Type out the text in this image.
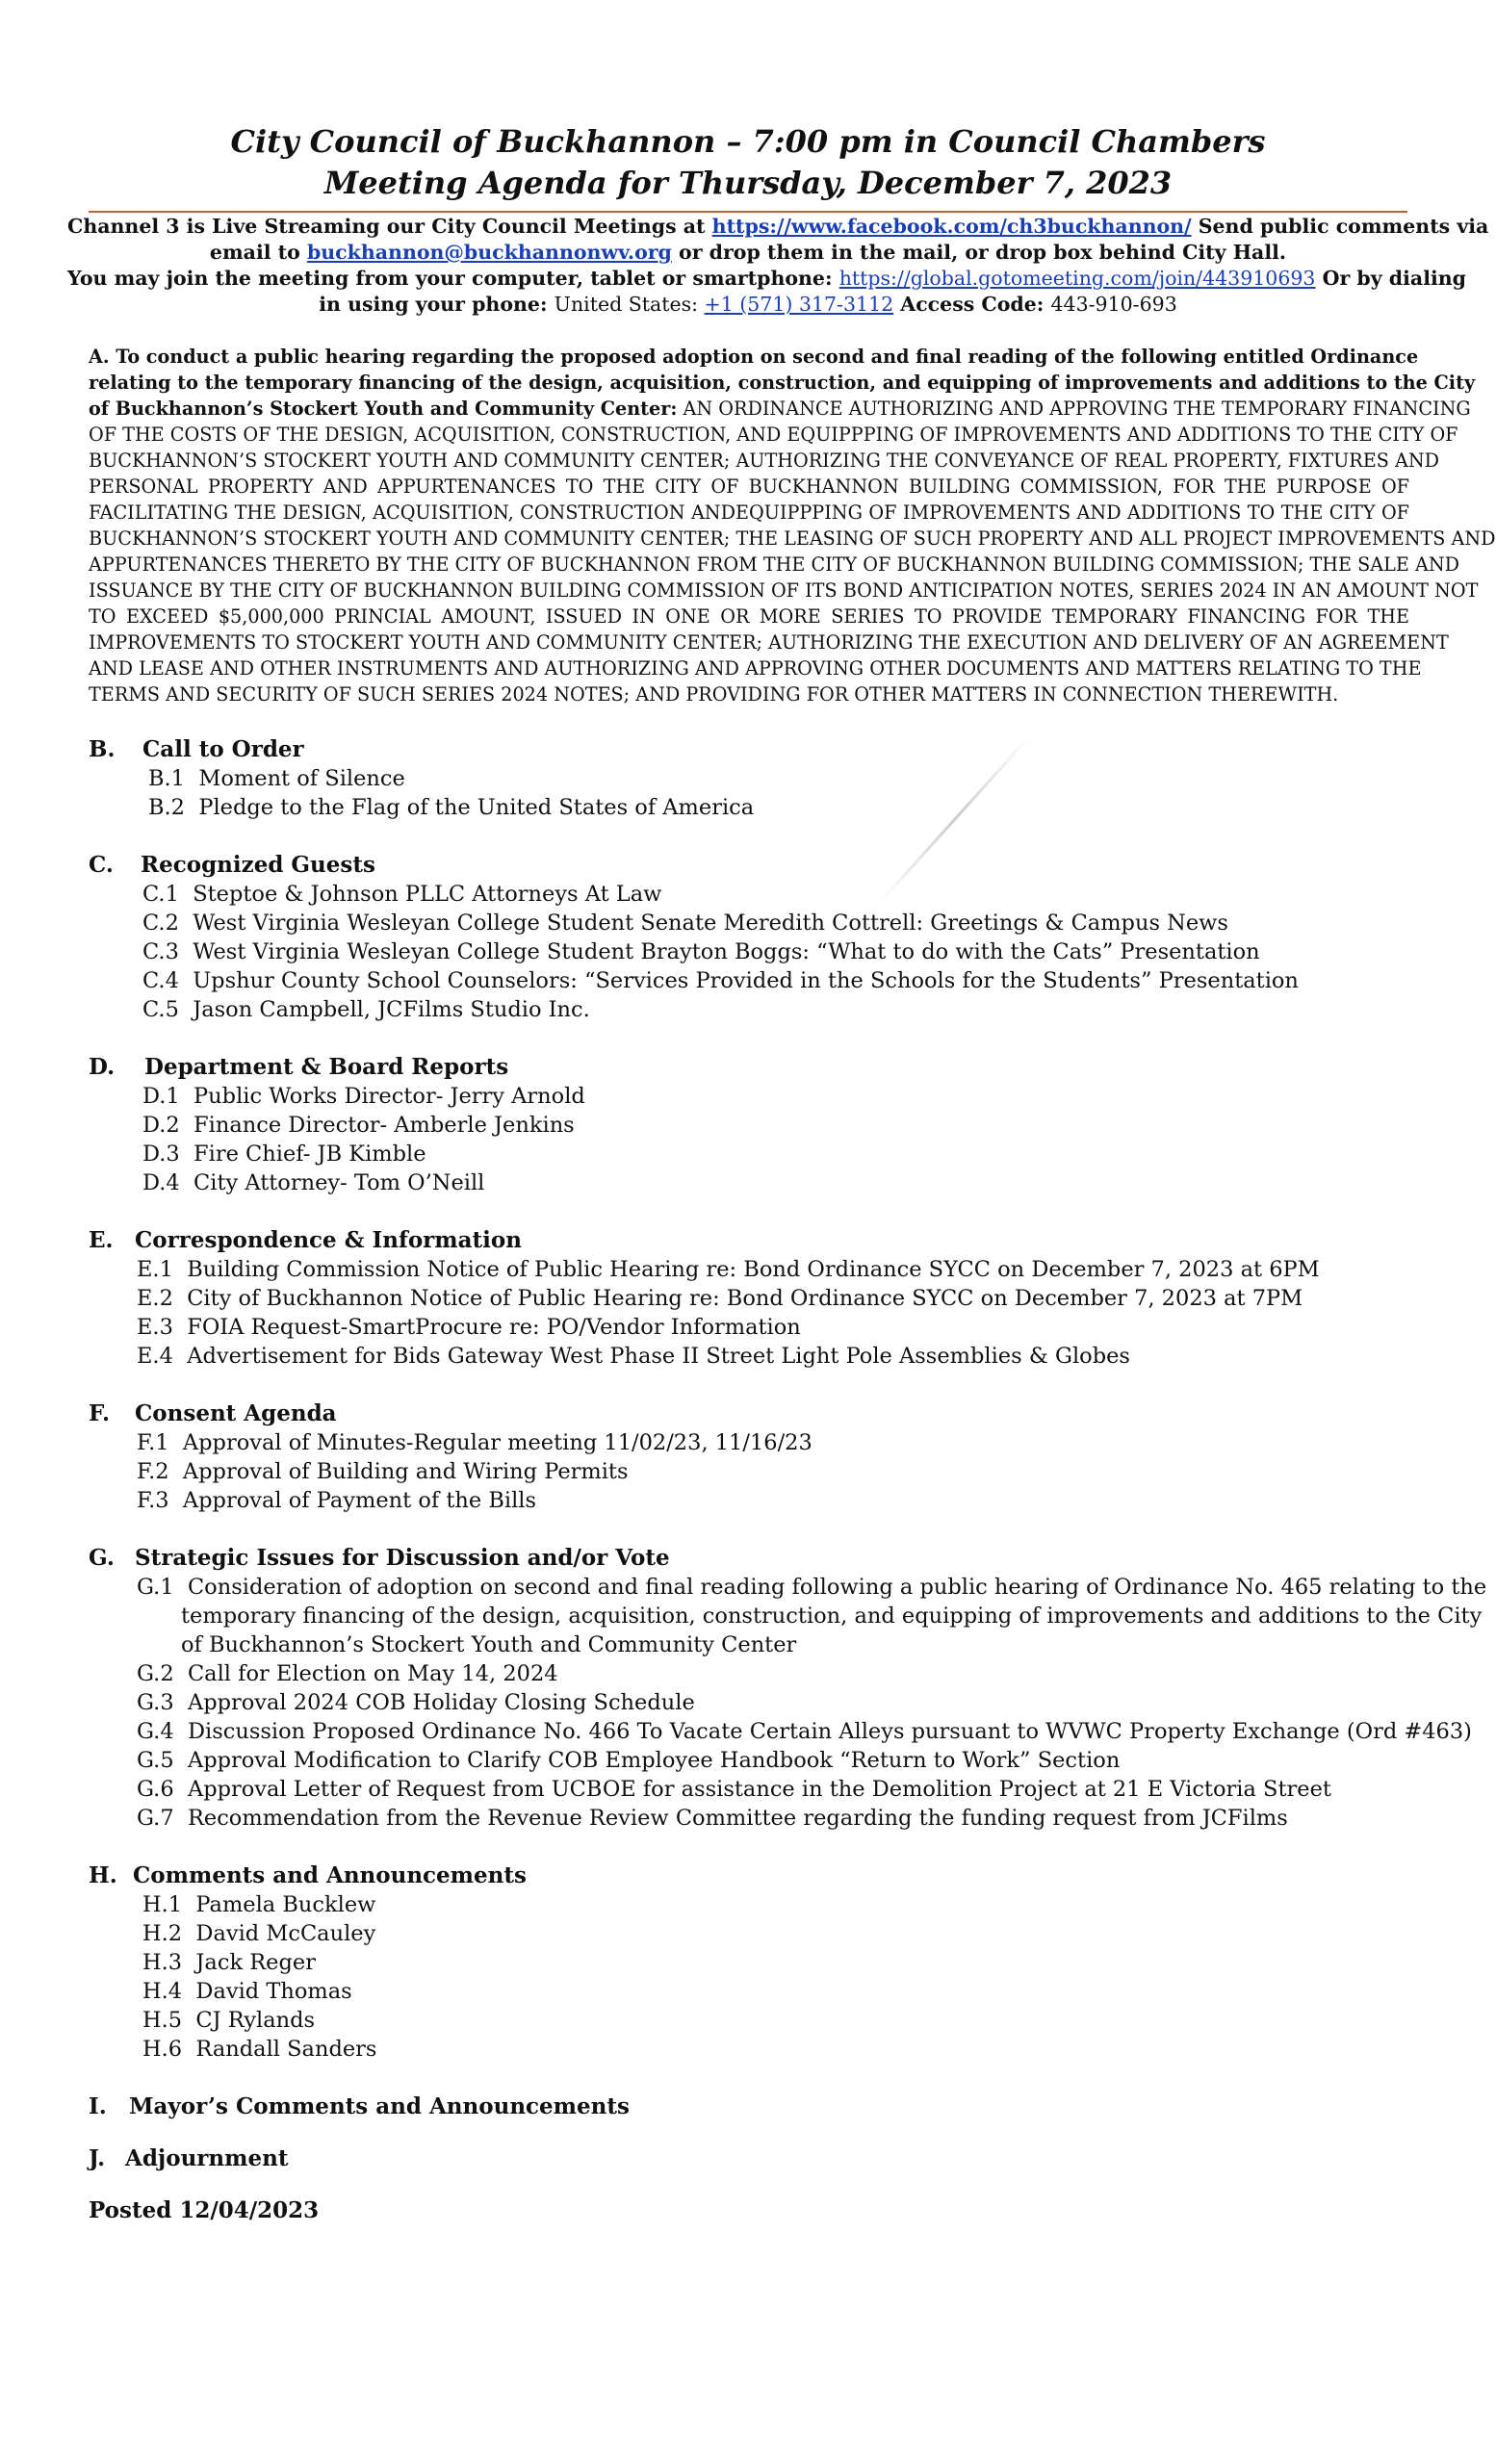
City Council of Buckhannon – 7:00 pm in Council Chambers
Meeting Agenda for Thursday, December 7, 2023
Channel 3 is Live Streaming our City Council Meetings at https://www.facebook.com/ch3buckhannon/ Send public comments via
email to buckhannon@buckhannonwv.org or drop them in the mail, or drop box behind City Hall.
You may join the meeting from your computer, tablet or smartphone: https://global.gotomeeting.com/join/443910693 Or by dialing
in using your phone: United States: +1 (571) 317-3112 Access Code: 443-910-693
A. To conduct a public hearing regarding the proposed adoption on second and final reading of the following entitled Ordinance
relating to the temporary financing of the design, acquisition, construction, and equipping of improvements and additions to the City
of Buckhannon’s Stockert Youth and Community Center: AN ORDINANCE AUTHORIZING AND APPROVING THE TEMPORARY FINANCING
OF THE COSTS OF THE DESIGN, ACQUISITION, CONSTRUCTION, AND EQUIPPPING OF IMPROVEMENTS AND ADDITIONS TO THE CITY OF
BUCKHANNON’S STOCKERT YOUTH AND COMMUNITY CENTER; AUTHORIZING THE CONVEYANCE OF REAL PROPERTY, FIXTURES AND
PERSONAL PROPERTY AND APPURTENANCES TO THE CITY OF BUCKHANNON BUILDING COMMISSION, FOR THE PURPOSE OF
FACILITATING THE DESIGN, ACQUISITION, CONSTRUCTION ANDEQUIPPPING OF IMPROVEMENTS AND ADDITIONS TO THE CITY OF
BUCKHANNON’S STOCKERT YOUTH AND COMMUNITY CENTER; THE LEASING OF SUCH PROPERTY AND ALL PROJECT IMPROVEMENTS AND
APPURTENANCES THERETO BY THE CITY OF BUCKHANNON FROM THE CITY OF BUCKHANNON BUILDING COMMISSION; THE SALE AND
ISSUANCE BY THE CITY OF BUCKHANNON BUILDING COMMISSION OF ITS BOND ANTICIPATION NOTES, SERIES 2024 IN AN AMOUNT NOT
TO EXCEED $5,000,000 PRINCIAL AMOUNT, ISSUED IN ONE OR MORE SERIES TO PROVIDE TEMPORARY FINANCING FOR THE
IMPROVEMENTS TO STOCKERT YOUTH AND COMMUNITY CENTER; AUTHORIZING THE EXECUTION AND DELIVERY OF AN AGREEMENT
AND LEASE AND OTHER INSTRUMENTS AND AUTHORIZING AND APPROVING OTHER DOCUMENTS AND MATTERS RELATING TO THE
TERMS AND SECURITY OF SUCH SERIES 2024 NOTES; AND PROVIDING FOR OTHER MATTERS IN CONNECTION THEREWITH.
B. Call to Order
B.1 Moment of Silence
B.2 Pledge to the Flag of the United States of America
C. Recognized Guests
C.1 Steptoe & Johnson PLLC Attorneys At Law
C.2 West Virginia Wesleyan College Student Senate Meredith Cottrell: Greetings & Campus News
C.3 West Virginia Wesleyan College Student Brayton Boggs: “What to do with the Cats” Presentation
C.4 Upshur County School Counselors: “Services Provided in the Schools for the Students” Presentation
C.5 Jason Campbell, JCFilms Studio Inc.
D. Department & Board Reports
D.1 Public Works Director- Jerry Arnold
D.2 Finance Director- Amberle Jenkins
D.3 Fire Chief- JB Kimble
D.4 City Attorney- Tom O’Neill
E. Correspondence & Information
E.1 Building Commission Notice of Public Hearing re: Bond Ordinance SYCC on December 7, 2023 at 6PM
E.2 City of Buckhannon Notice of Public Hearing re: Bond Ordinance SYCC on December 7, 2023 at 7PM
E.3 FOIA Request-SmartProcure re: PO/Vendor Information
E.4 Advertisement for Bids Gateway West Phase II Street Light Pole Assemblies & Globes
F. Consent Agenda
F.1 Approval of Minutes-Regular meeting 11/02/23, 11/16/23
F.2 Approval of Building and Wiring Permits
F.3 Approval of Payment of the Bills
G. Strategic Issues for Discussion and/or Vote
G.1 Consideration of adoption on second and final reading following a public hearing of Ordinance No. 465 relating to the
temporary financing of the design, acquisition, construction, and equipping of improvements and additions to the City
of Buckhannon’s Stockert Youth and Community Center
G.2 Call for Election on May 14, 2024
G.3 Approval 2024 COB Holiday Closing Schedule
G.4 Discussion Proposed Ordinance No. 466 To Vacate Certain Alleys pursuant to WVWC Property Exchange (Ord #463)
G.5 Approval Modification to Clarify COB Employee Handbook “Return to Work” Section
G.6 Approval Letter of Request from UCBOE for assistance in the Demolition Project at 21 E Victoria Street
G.7 Recommendation from the Revenue Review Committee regarding the funding request from JCFilms
H. Comments and Announcements
H.1 Pamela Bucklew
H.2 David McCauley
H.3 Jack Reger
H.4 David Thomas
H.5 CJ Rylands
H.6 Randall Sanders
I. Mayor’s Comments and Announcements
J. Adjournment
Posted 12/04/2023
